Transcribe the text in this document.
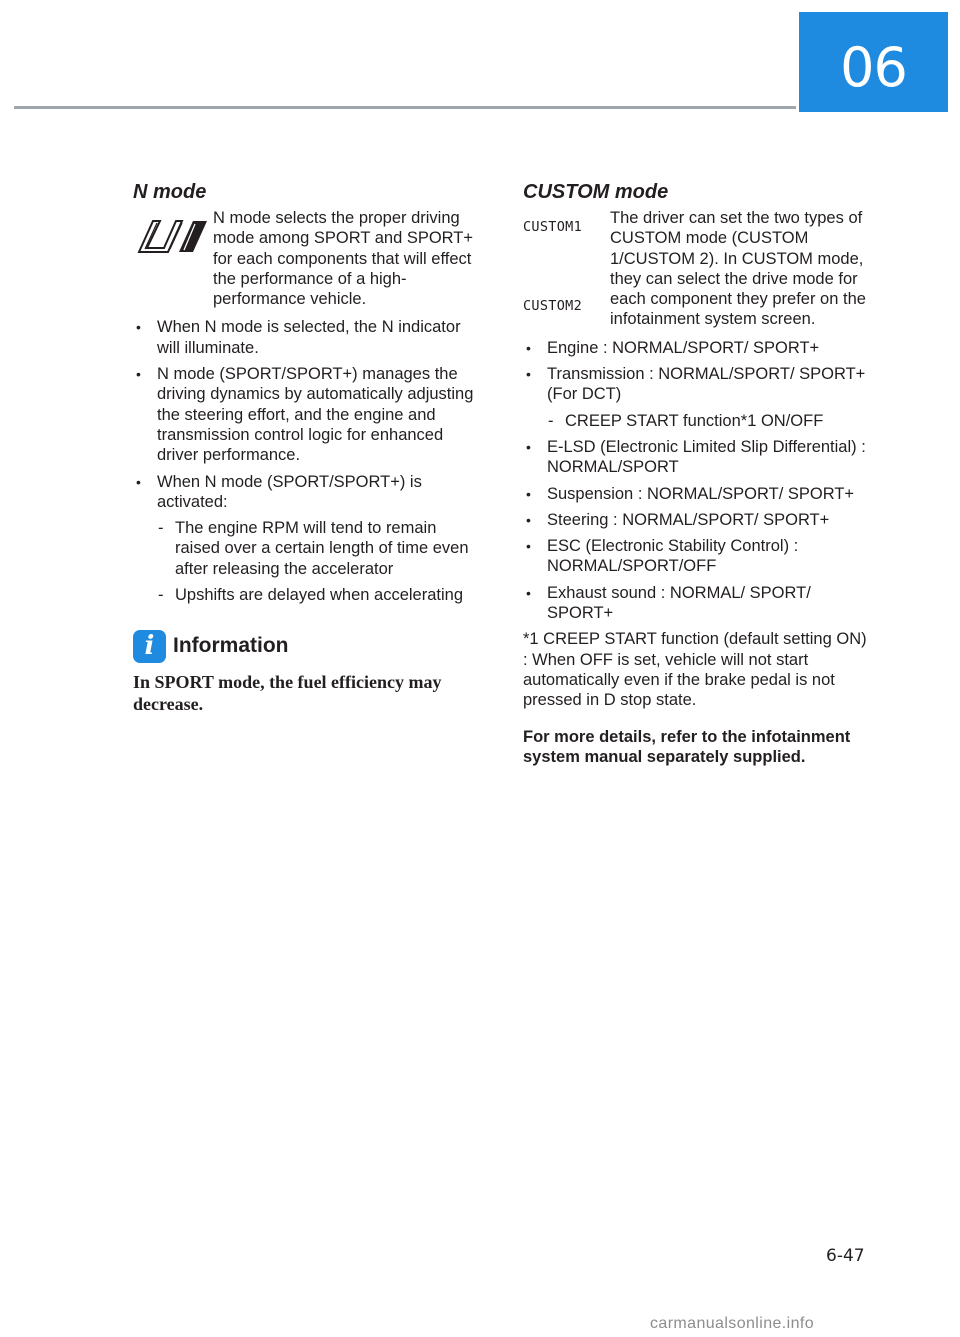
06
N mode
N mode selects the proper driving mode among SPORT and SPORT+ for each components that will effect the performance of a high-performance vehicle.
• When N mode is selected, the N indicator will illuminate.
• N mode (SPORT/SPORT+) manages the driving dynamics by automatically adjusting the steering effort, and the engine and transmission control logic for enhanced driver performance.
• When N mode (SPORT/SPORT+) is activated:
- The engine RPM will tend to remain raised over a certain length of time even after releasing the accelerator
- Upshifts are delayed when accelerating
i Information
In SPORT mode, the fuel efficiency may decrease.
CUSTOM mode
CUSTOM1
CUSTOM2
The driver can set the two types of CUSTOM mode (CUSTOM 1/CUSTOM 2). In CUSTOM mode, they can select the drive mode for each component they prefer on the infotainment system screen.
• Engine : NORMAL/SPORT/ SPORT+
• Transmission : NORMAL/SPORT/ SPORT+ (For DCT)
- CREEP START function*1 ON/OFF
• E-LSD (Electronic Limited Slip Differential) : NORMAL/SPORT
• Suspension : NORMAL/SPORT/ SPORT+
• Steering : NORMAL/SPORT/ SPORT+
• ESC (Electronic Stability Control) : NORMAL/SPORT/OFF
• Exhaust sound : NORMAL/ SPORT/ SPORT+
*1 CREEP START function (default setting ON) : When OFF is set, vehicle will not start automatically even if the brake pedal is not pressed in D stop state.
For more details, refer to the infotainment system manual separately supplied.
6-47
carmanualsonline.info
